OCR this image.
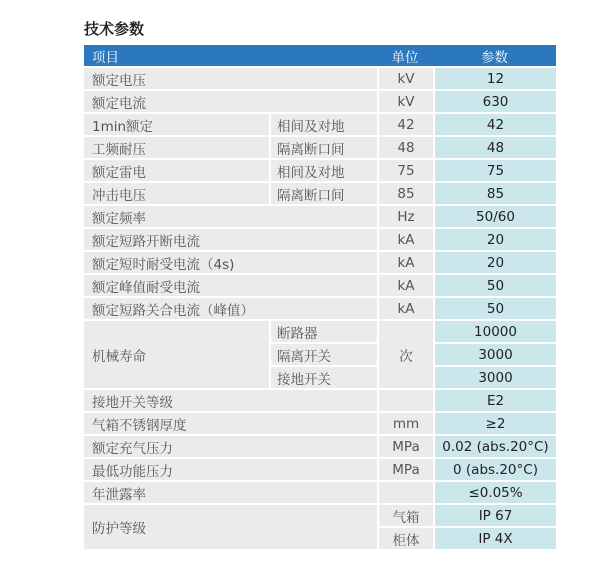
技术参数
项目		单位	参数
额定电压		kV	12
额定电流		kV	630
1min额定	相间及对地	42	42
工频耐压	隔离断口间	48	48
额定雷电	相间及对地	75	75
冲击电压	隔离断口间	85	85
额定频率		Hz	50/60
额定短路开断电流		kA	20
额定短时耐受电流（4s)		kA	20
额定峰值耐受电流		kA	50
额定短路关合电流（峰值）		kA	50
机械寿命	断路器	次	10000
	隔离开关		3000
	接地开关		3000
接地开关等级			E2
气箱不锈钢厚度		mm	≥2
额定充气压力		MPa	0.02 (abs.20°C)
最低功能压力		MPa	0 (abs.20°C)
年泄露率			≤0.05%
防护等级		气箱	IP 67
		柜体	IP 4X
